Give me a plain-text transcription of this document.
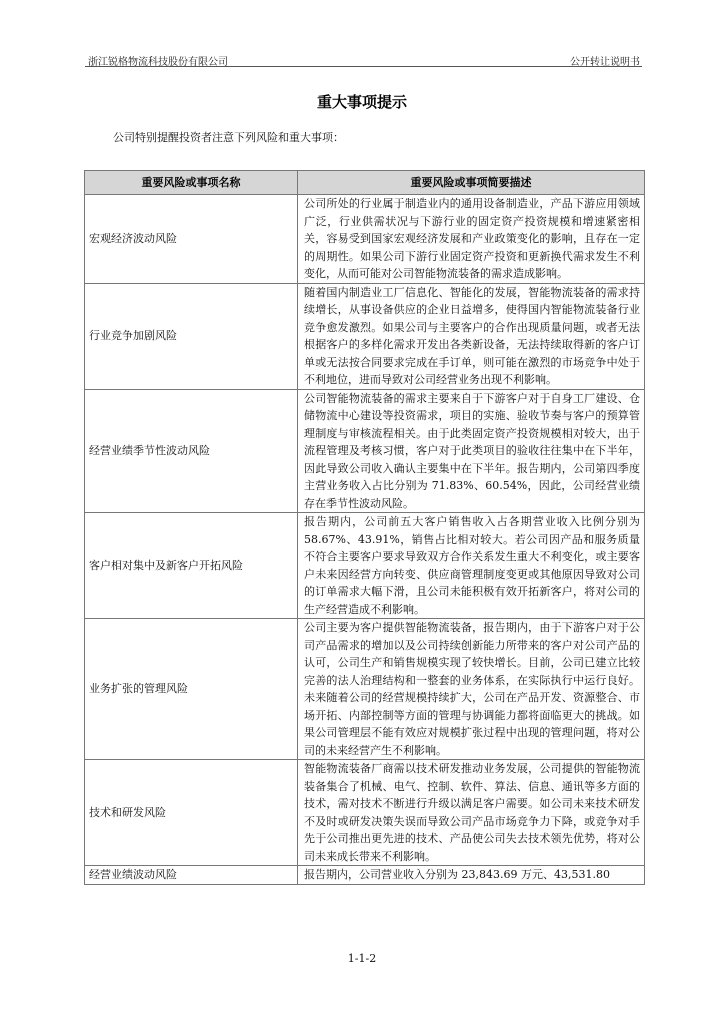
浙江锐格物流科技股份有限公司	公开转让说明书
重大事项提示
公司特别提醒投资者注意下列风险和重大事项：
重要风险或事项名称	重要风险或事项简要描述
宏观经济波动风险	公司所处的行业属于制造业内的通用设备制造业，产品下游应用领域广泛，行业供需状况与下游行业的固定资产投资规模和增速紧密相关，容易受到国家宏观经济发展和产业政策变化的影响，且存在一定的周期性。如果公司下游行业固定资产投资和更新换代需求发生不利变化，从而可能对公司智能物流装备的需求造成影响。
行业竞争加剧风险	随着国内制造业工厂信息化、智能化的发展，智能物流装备的需求持续增长，从事设备供应的企业日益增多，使得国内智能物流装备行业竞争愈发激烈。如果公司与主要客户的合作出现质量问题，或者无法根据客户的多样化需求开发出各类新设备，无法持续取得新的客户订单或无法按合同要求完成在手订单，则可能在激烈的市场竞争中处于不利地位，进而导致对公司经营业务出现不利影响。
经营业绩季节性波动风险	公司智能物流装备的需求主要来自于下游客户对于自身工厂建设、仓储物流中心建设等投资需求，项目的实施、验收节奏与客户的预算管理制度与审核流程相关。由于此类固定资产投资规模相对较大，出于流程管理及考核习惯，客户对于此类项目的验收往往集中在下半年，因此导致公司收入确认主要集中在下半年。报告期内，公司第四季度主营业务收入占比分别为 71.83%、60.54%，因此，公司经营业绩存在季节性波动风险。
客户相对集中及新客户开拓风险	报告期内，公司前五大客户销售收入占各期营业收入比例分别为 58.67%、43.91%，销售占比相对较大。若公司因产品和服务质量不符合主要客户要求导致双方合作关系发生重大不利变化，或主要客户未来因经营方向转变、供应商管理制度变更或其他原因导致对公司的订单需求大幅下滑，且公司未能积极有效开拓新客户，将对公司的生产经营造成不利影响。
业务扩张的管理风险	公司主要为客户提供智能物流装备，报告期内，由于下游客户对于公司产品需求的增加以及公司持续创新能力所带来的客户对公司产品的认可，公司生产和销售规模实现了较快增长。目前，公司已建立比较完善的法人治理结构和一整套的业务体系，在实际执行中运行良好。未来随着公司的经营规模持续扩大，公司在产品开发、资源整合、市场开拓、内部控制等方面的管理与协调能力都将面临更大的挑战。如果公司管理层不能有效应对规模扩张过程中出现的管理问题，将对公司的未来经营产生不利影响。
技术和研发风险	智能物流装备厂商需以技术研发推动业务发展，公司提供的智能物流装备集合了机械、电气、控制、软件、算法、信息、通讯等多方面的技术，需对技术不断进行升级以满足客户需要。如公司未来技术研发不及时或研发决策失误而导致公司产品市场竞争力下降，或竞争对手先于公司推出更先进的技术、产品使公司失去技术领先优势，将对公司未来成长带来不利影响。
经营业绩波动风险	报告期内，公司营业收入分别为 23,843.69 万元、43,531.80
1-1-2
